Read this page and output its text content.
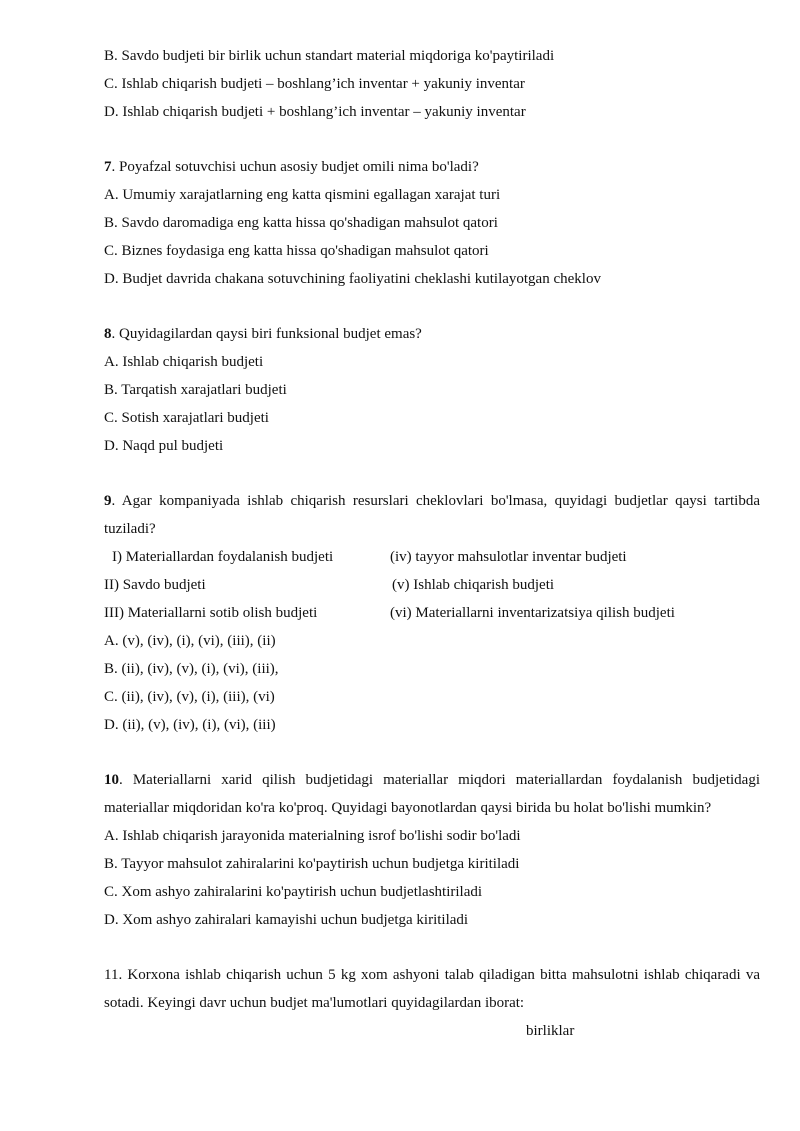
B. Savdo budjeti bir birlik uchun standart material miqdoriga ko'paytiriladi
C. Ishlab chiqarish budjeti – boshlang’ich inventar + yakuniy inventar
D. Ishlab chiqarish budjeti + boshlang’ich inventar – yakuniy inventar
7. Poyafzal sotuvchisi uchun asosiy budjet omili nima bo'ladi?
A. Umumiy xarajatlarning eng katta qismini egallagan xarajat turi
B. Savdo daromadiga eng katta hissa qo'shadigan mahsulot qatori
C. Biznes foydasiga eng katta hissa qo'shadigan mahsulot qatori
D. Budjet davrida chakana sotuvchining faoliyatini cheklashi kutilayotgan cheklov
8. Quyidagilardan qaysi biri funksional budjet emas?
A. Ishlab chiqarish budjeti
B. Tarqatish xarajatlari budjeti
C. Sotish xarajatlari budjeti
D. Naqd pul budjeti
9. Agar kompaniyada ishlab chiqarish resurslari cheklovlari bo'lmasa, quyidagi budjetlar qaysi tartibda tuziladi?
I) Materiallardan foydalanish budjeti	(iv) tayyor mahsulotlar inventar budjeti
II) Savdo budjeti	(v) Ishlab chiqarish budjeti
III) Materiallarni sotib olish budjeti	(vi) Materiallarni inventarizatsiya qilish budjeti
A. (v), (iv), (i), (vi), (iii), (ii)
B. (ii), (iv), (v), (i), (vi), (iii),
C. (ii), (iv), (v), (i), (iii), (vi)
D. (ii), (v), (iv), (i), (vi), (iii)
10. Materiallarni xarid qilish budjetidagi materiallar miqdori materiallardan foydalanish budjetidagi materiallar miqdoridan ko'ra ko'proq. Quyidagi bayonotlardan qaysi birida bu holat bo'lishi mumkin?
A. Ishlab chiqarish jarayonida materialning isrof bo'lishi sodir bo'ladi
B. Tayyor mahsulot zahiralarini ko'paytirish uchun budjetga kiritiladi
C. Xom ashyo zahiralarini ko'paytirish uchun budjetlashtiriladi
D. Xom ashyo zahiralari kamayishi uchun budjetga kiritiladi
11. Korxona ishlab chiqarish uchun 5 kg xom ashyoni talab qiladigan bitta mahsulotni ishlab chiqaradi va sotadi. Keyingi davr uchun budjet ma'lumotlari quyidagilardan iborat:
birliklar
